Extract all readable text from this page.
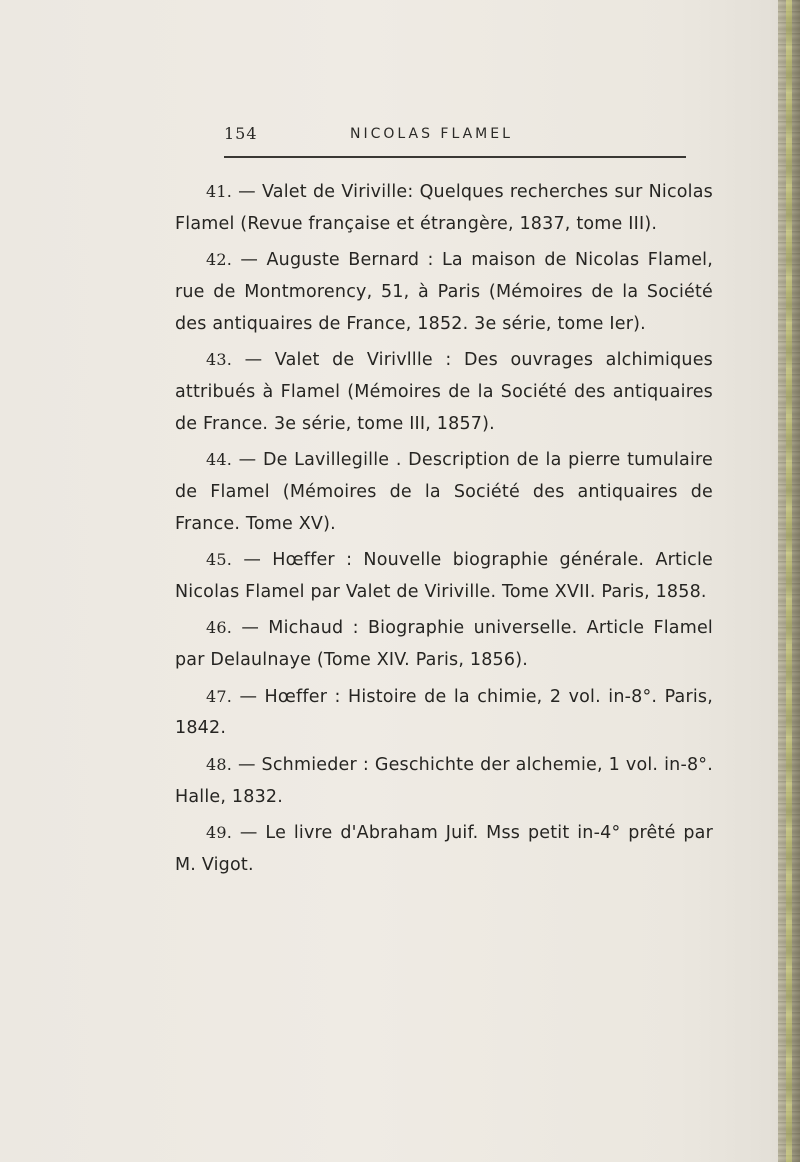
154	NICOLAS FLAMEL
41. — Valet de Viriville: Quelques recherches sur Nicolas Flamel (Revue française et étrangère, 1837, tome III).
42. — Auguste Bernard : La maison de Nicolas Flamel, rue de Montmorency, 51, à Paris (Mémoires de la Société des antiquaires de France, 1852. 3e série, tome Ier).
43. — Valet de Virivllle : Des ouvrages alchimiques attribués à Flamel (Mémoires de la Société des antiquaires de France. 3e série, tome III, 1857).
44. — De Lavillegille . Description de la pierre tumulaire de Flamel (Mémoires de la Société des antiquaires de France. Tome XV).
45. — Hœffer : Nouvelle biographie générale. Article Nicolas Flamel par Valet de Viriville. Tome XVII. Paris, 1858.
46. — Michaud : Biographie universelle. Article Flamel par Delaulnaye (Tome XIV. Paris, 1856).
47. — Hœffer : Histoire de la chimie, 2 vol. in-8°. Paris, 1842.
48. — Schmieder : Geschichte der alchemie, 1 vol. in-8°. Halle, 1832.
49. — Le livre d'Abraham Juif. Mss petit in-4° prêté par M. Vigot.
